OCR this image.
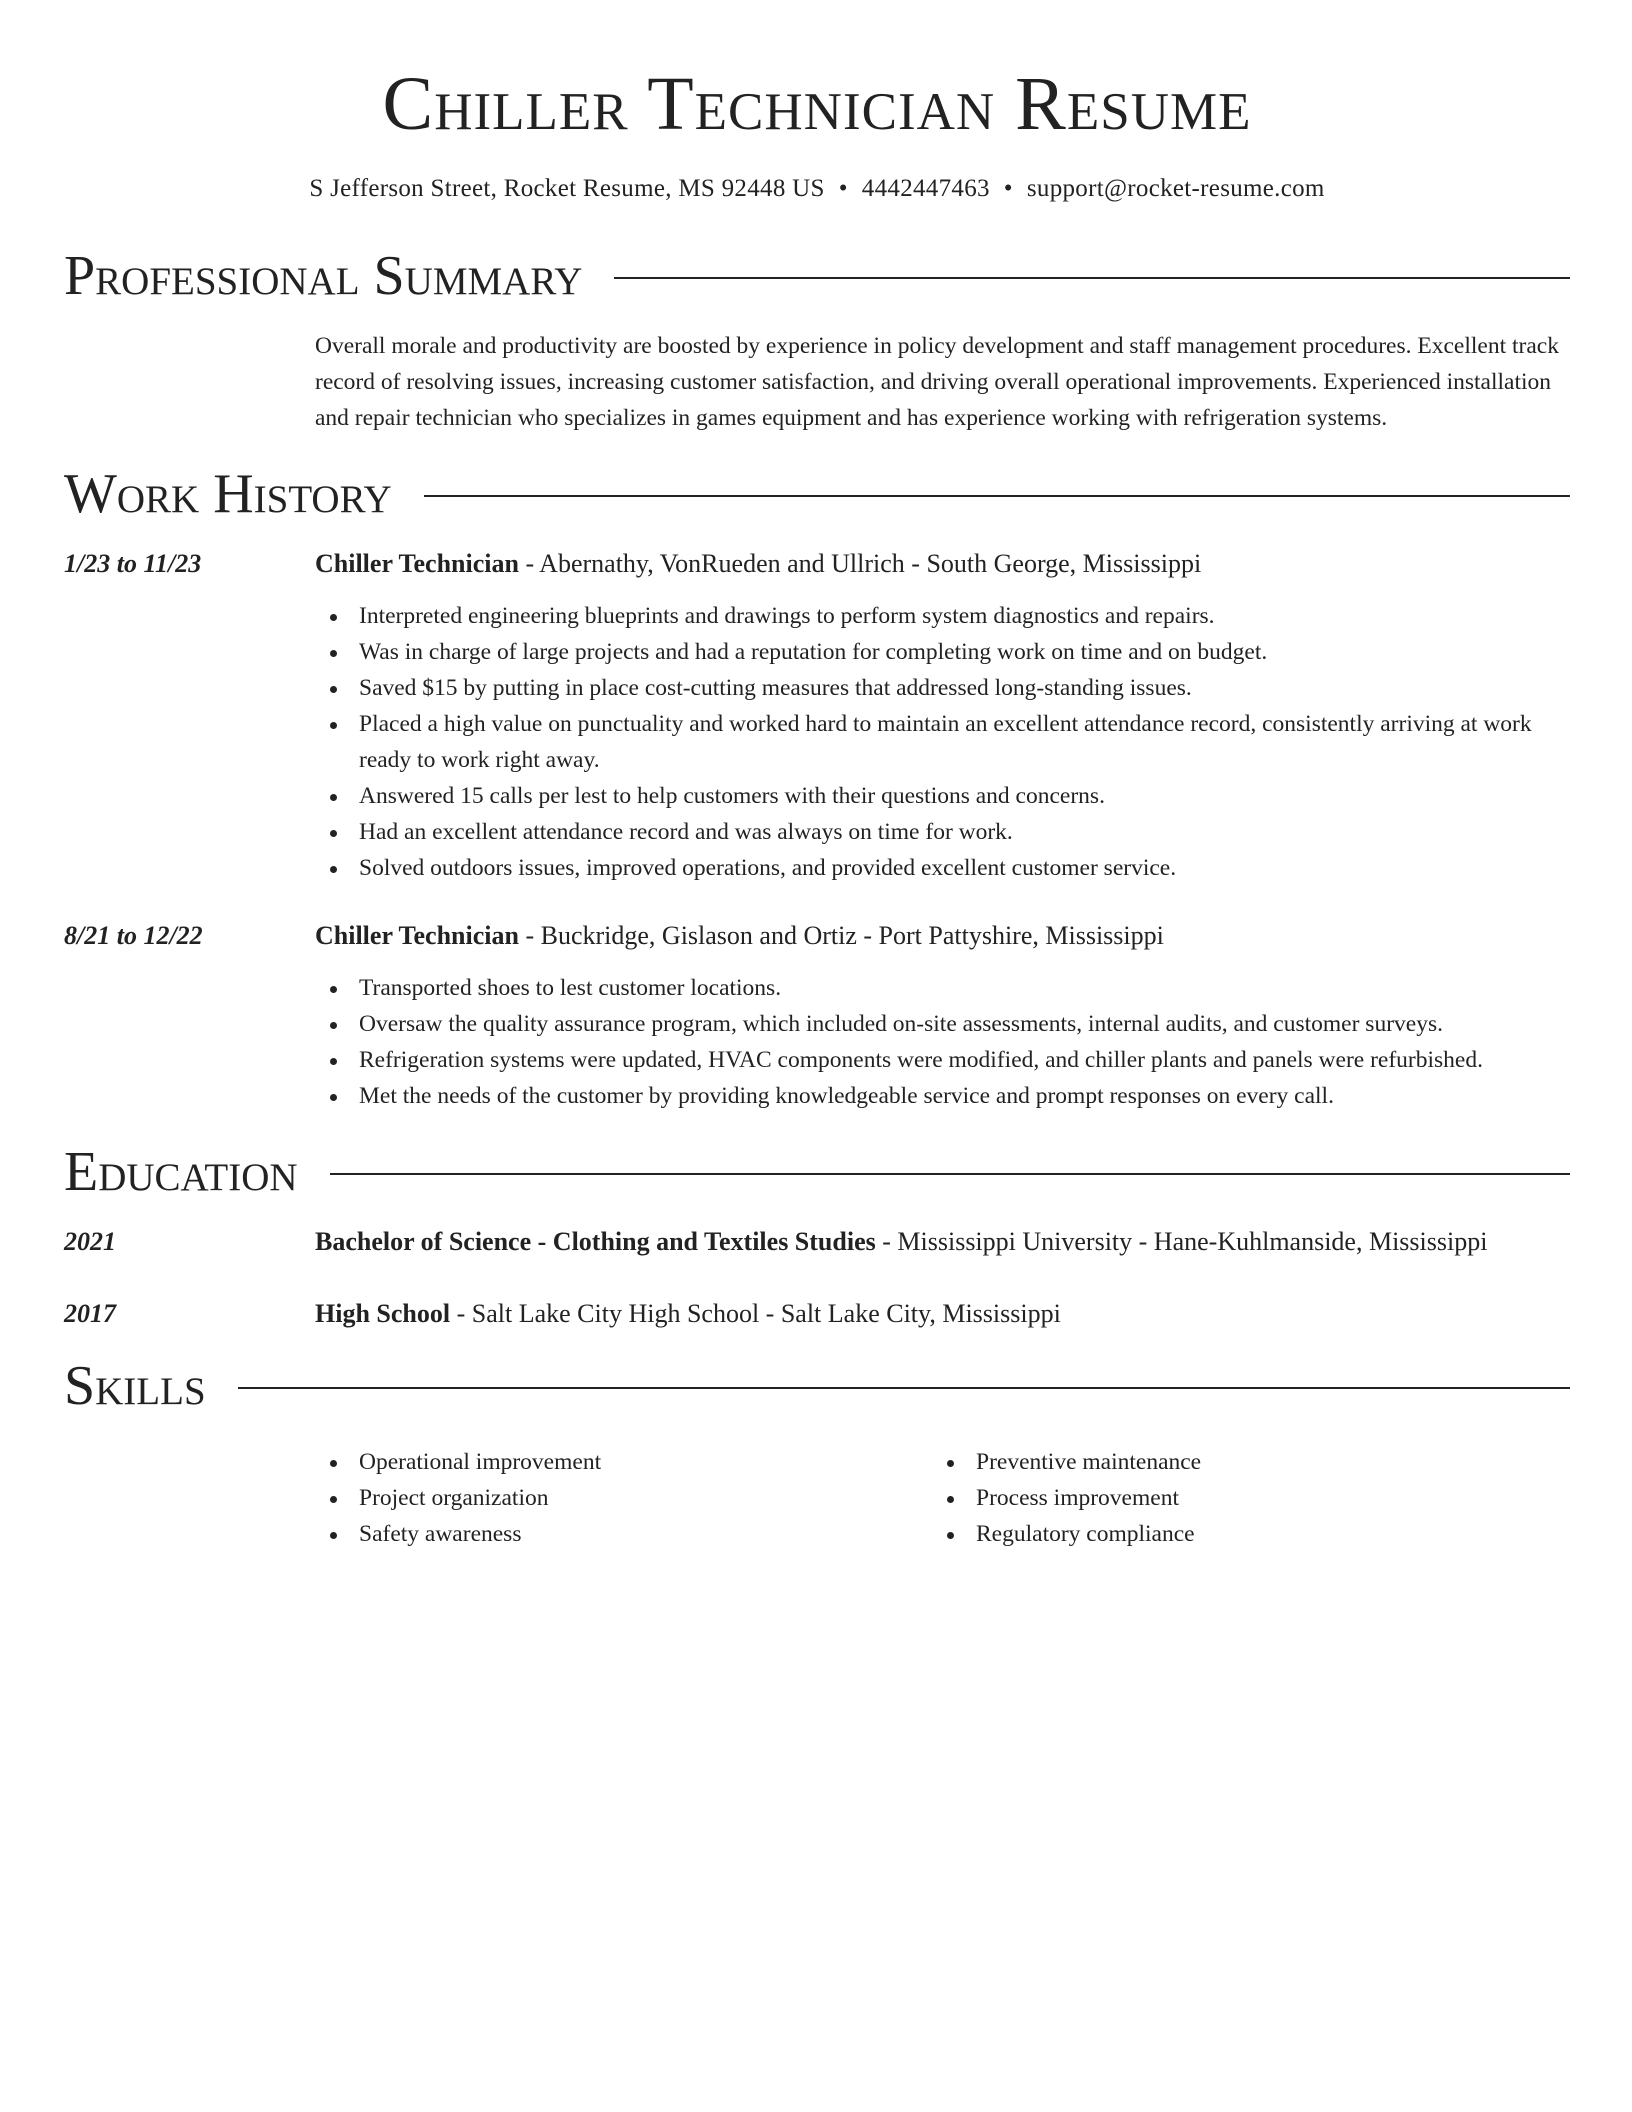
Chiller Technician Resume
S Jefferson Street, Rocket Resume, MS 92448 US • 4442447463 • support@rocket-resume.com
Professional Summary
Overall morale and productivity are boosted by experience in policy development and staff management procedures. Excellent track record of resolving issues, increasing customer satisfaction, and driving overall operational improvements. Experienced installation and repair technician who specializes in games equipment and has experience working with refrigeration systems.
Work History
1/23 to 11/23	Chiller Technician - Abernathy, VonRueden and Ullrich - South George, Mississippi
Interpreted engineering blueprints and drawings to perform system diagnostics and repairs.
Was in charge of large projects and had a reputation for completing work on time and on budget.
Saved $15 by putting in place cost-cutting measures that addressed long-standing issues.
Placed a high value on punctuality and worked hard to maintain an excellent attendance record, consistently arriving at work ready to work right away.
Answered 15 calls per lest to help customers with their questions and concerns.
Had an excellent attendance record and was always on time for work.
Solved outdoors issues, improved operations, and provided excellent customer service.
8/21 to 12/22	Chiller Technician - Buckridge, Gislason and Ortiz - Port Pattyshire, Mississippi
Transported shoes to lest customer locations.
Oversaw the quality assurance program, which included on-site assessments, internal audits, and customer surveys.
Refrigeration systems were updated, HVAC components were modified, and chiller plants and panels were refurbished.
Met the needs of the customer by providing knowledgeable service and prompt responses on every call.
Education
2021	Bachelor of Science - Clothing and Textiles Studies - Mississippi University - Hane-Kuhlmanside, Mississippi
2017	High School - Salt Lake City High School - Salt Lake City, Mississippi
Skills
Operational improvement
Project organization
Safety awareness
Preventive maintenance
Process improvement
Regulatory compliance
